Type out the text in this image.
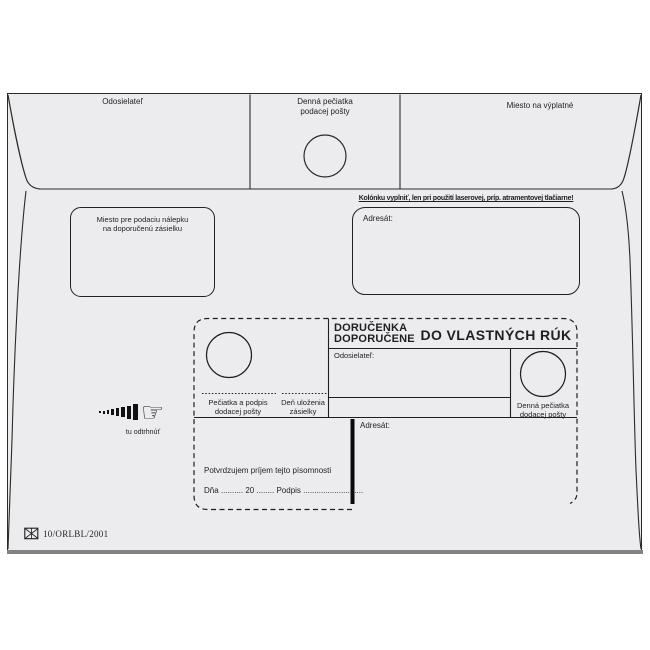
Odosielateľ	Denná pečiatka
podacej pošty
Miesto na výplatné
Miesto pre podaciu nálepku
na doporučenú zásielku
Kolónku vyplniť, len pri použití laserovej, príp. atramentovej tlačiarne!
Adresát:
DORUČENKA
DOPORUČENE DO VLASTNÝCH RÚK
Odosielateľ:
Pečiatka a podpis
dodacej pošty
Deň uloženia
zásielky
Denná pečiatka
dodacej pošty
Adresát:
Potvrdzujem príjem tejto písomnosti
Dňa .......... 20 ........ Podpis ...........................
☞
tu odtrhnúť
10/ORLBL/2001
